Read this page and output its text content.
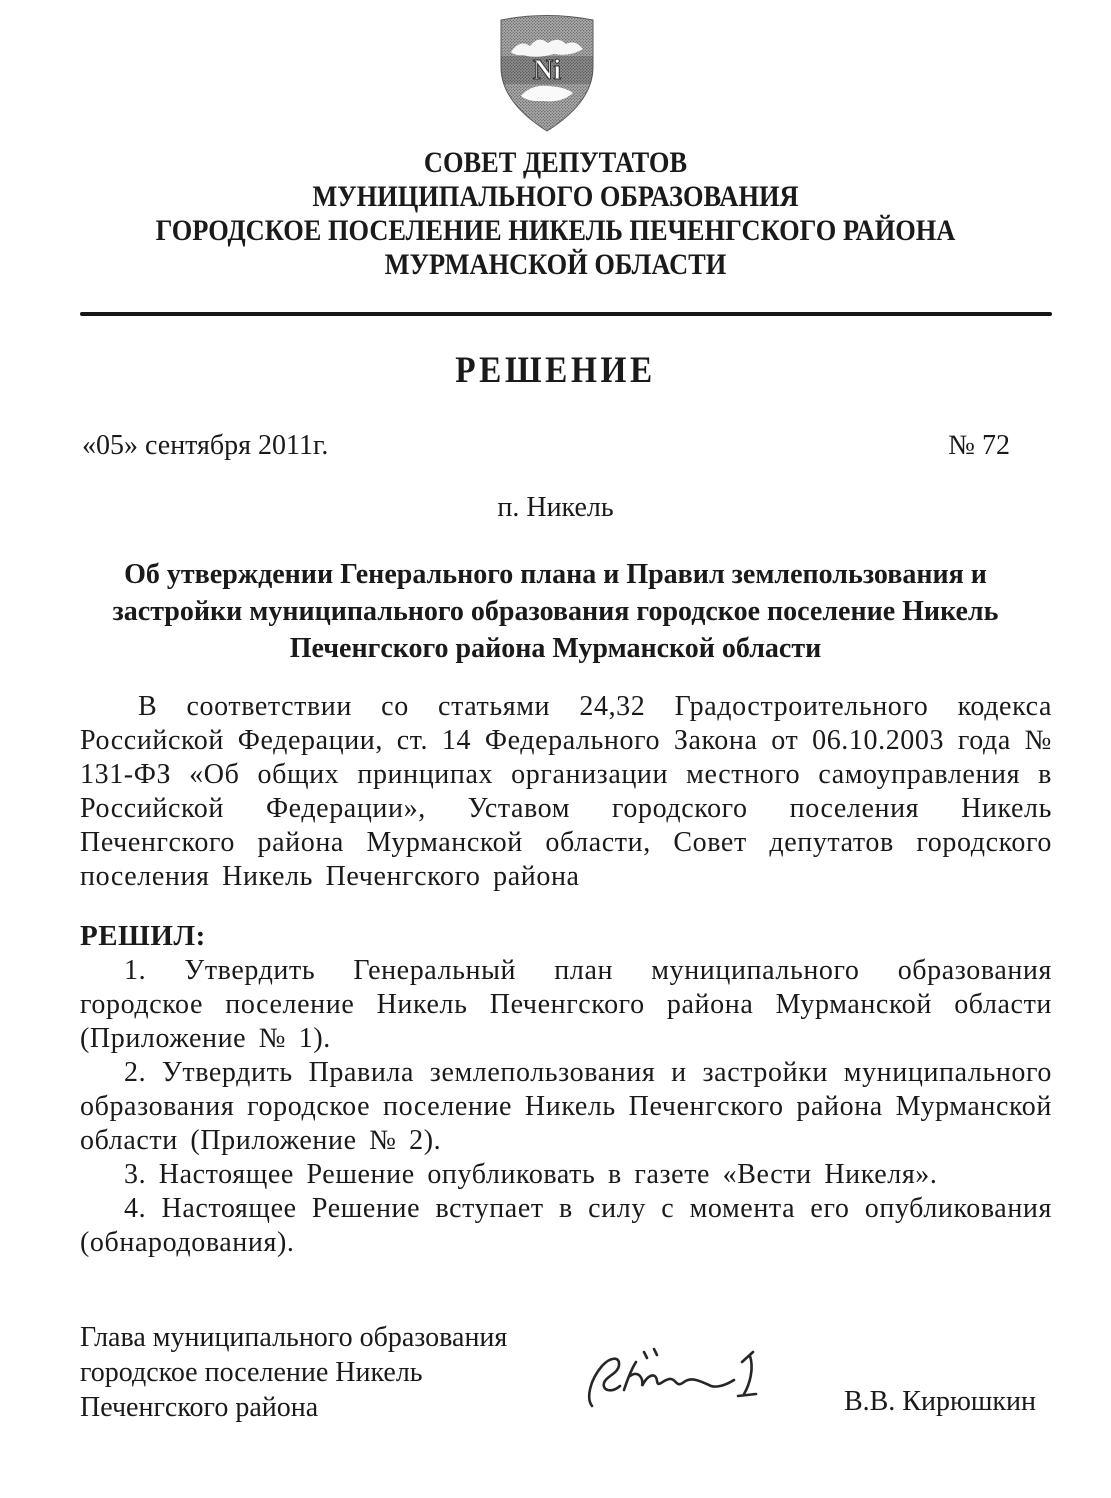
Ni
СОВЕТ ДЕПУТАТОВ
МУНИЦИПАЛЬНОГО ОБРАЗОВАНИЯ
ГОРОДСКОЕ ПОСЕЛЕНИЕ НИКЕЛЬ ПЕЧЕНГСКОГО РАЙОНА
МУРМАНСКОЙ ОБЛАСТИ
РЕШЕНИЕ
«05» сентября 2011г.	№ 72
п. Никель
Об утверждении Генерального плана и Правил землепользования и
застройки муниципального образования городское поселение Никель
Печенгского района Мурманской области
В соответствии со статьями 24,32 Градостроительного кодекса Российской Федерации, ст. 14 Федерального Закона от 06.10.2003 года № 131-ФЗ «Об общих принципах организации местного самоуправления в Российской Федерации», Уставом городского поселения Никель Печенгского района Мурманской области, Совет депутатов городского поселения Никель Печенгского района
РЕШИЛ:

1. Утвердить Генеральный план муниципального образования городское поселение Никель Печенгского района Мурманской области (Приложение № 1).

2. Утвердить Правила землепользования и застройки муниципального образования городское поселение Никель Печенгского района Мурманской области (Приложение № 2).

3. Настоящее Решение опубликовать в газете «Вести Никеля».

4. Настоящее Решение вступает в силу с момента его опубликования (обнародования).

Глава муниципального образования
городское поселение Никель
Печенгского района	В.В. Кирюшкин
